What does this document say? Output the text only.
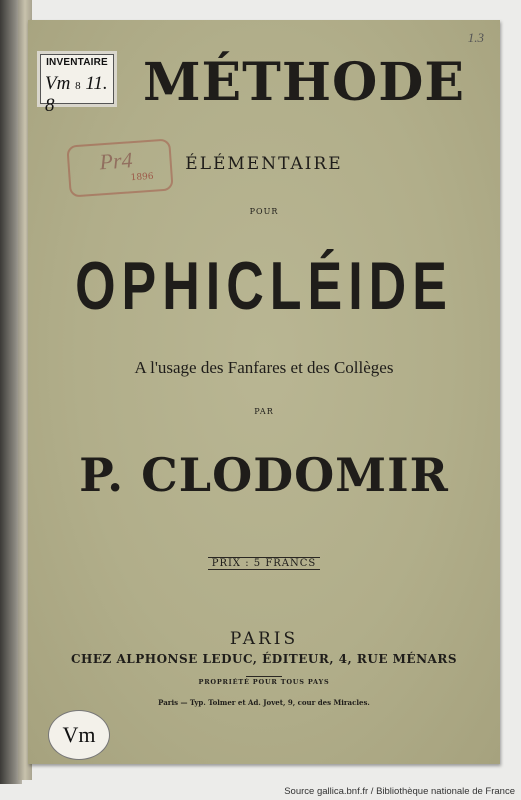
INVENTAIRE
Vm 8 11. 8
1.3
Pr4
1896
MÉTHODE
ÉLÉMENTAIRE
POUR
OPHICLÉIDE
A l'usage des Fanfares et des Collèges
PAR
P. CLODOMIR
PRIX : 5 FRANCS
PARIS
CHEZ ALPHONSE LEDUC, ÉDITEUR, 4, RUE MÉNARS
PROPRIÉTÉ POUR TOUS PAYS
Paris — Typ. Tolmer et Ad. Jovet, 9, cour des Miracles.
Vm
Source gallica.bnf.fr / Bibliothèque nationale de France
